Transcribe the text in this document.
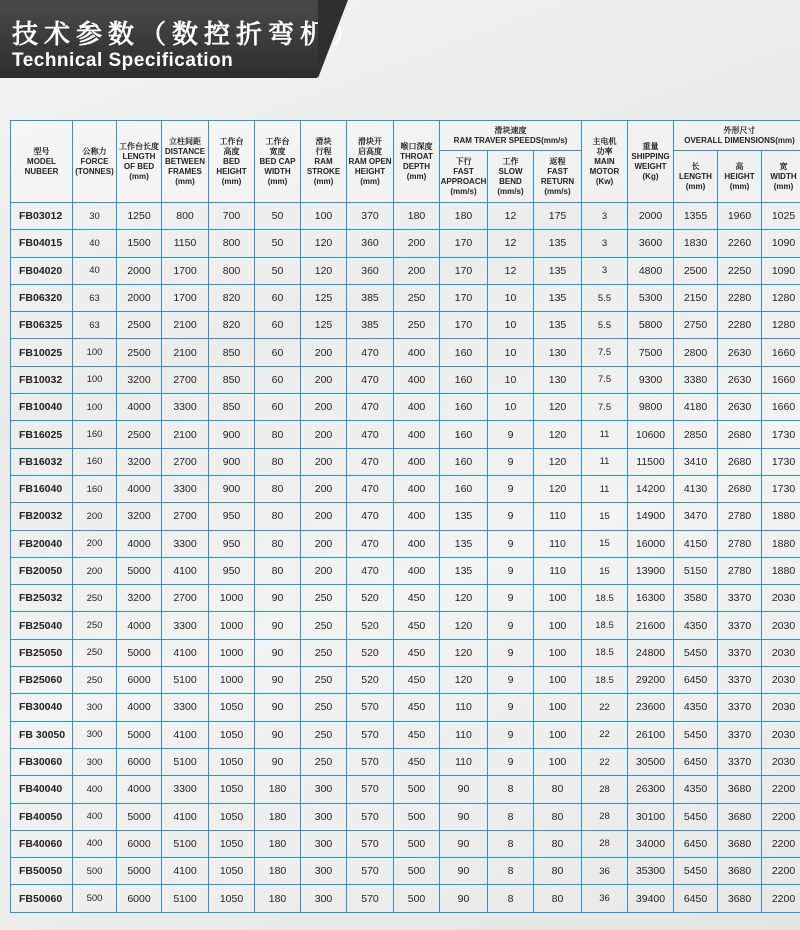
技术参数（数控折弯机）
Technical Specification
型号
MODEL
NUBEER	公称力
FORCE
(TONNES)	工作台长度
LENGTH
OF BED
(mm)	立柱间距
DISTANCE
BETWEEN
FRAMES
(mm)	工作台
高度
BED
HEIGHT
(mm)	工作台
宽度
BED CAP
WIDTH
(mm)	滑块
行程
RAM
STROKE
(mm)	滑块开
启高度
RAM OPEN
HEIGHT
(mm)	喉口深度
THROAT
DEPTH
(mm)	滑块速度
RAM TRAVER SPEEDS(mm/s)			主电机
功率
MAIN
MOTOR
(Kw)	重量
SHIPPING
WEIGHT
(Kg)	外形尺寸
OVERALL DIMENSIONS(mm)		
									下行
FAST
APPROACH
(mm/s)	工作
SLOW
BEND
(mm/s)	返程
FAST
RETURN
(mm/s)			长
LENGTH
(mm)	高
HEIGHT
(mm)	宽
WIDTH
(mm)
FB03012	30	1250	800	700	50	100	370	180	180	12	175	3	2000	1355	1960	1025
FB04015	40	1500	1150	800	50	120	360	200	170	12	135	3	3600	1830	2260	1090
FB04020	40	2000	1700	800	50	120	360	200	170	12	135	3	4800	2500	2250	1090
FB06320	63	2000	1700	820	60	125	385	250	170	10	135	5.5	5300	2150	2280	1280
FB06325	63	2500	2100	820	60	125	385	250	170	10	135	5.5	5800	2750	2280	1280
FB10025	100	2500	2100	850	60	200	470	400	160	10	130	7.5	7500	2800	2630	1660
FB10032	100	3200	2700	850	60	200	470	400	160	10	130	7.5	9300	3380	2630	1660
FB10040	100	4000	3300	850	60	200	470	400	160	10	120	7.5	9800	4180	2630	1660
FB16025	160	2500	2100	900	80	200	470	400	160	9	120	11	10600	2850	2680	1730
FB16032	160	3200	2700	900	80	200	470	400	160	9	120	11	11500	3410	2680	1730
FB16040	160	4000	3300	900	80	200	470	400	160	9	120	11	14200	4130	2680	1730
FB20032	200	3200	2700	950	80	200	470	400	135	9	110	15	14900	3470	2780	1880
FB20040	200	4000	3300	950	80	200	470	400	135	9	110	15	16000	4150	2780	1880
FB20050	200	5000	4100	950	80	200	470	400	135	9	110	15	13900	5150	2780	1880
FB25032	250	3200	2700	1000	90	250	520	450	120	9	100	18.5	16300	3580	3370	2030
FB25040	250	4000	3300	1000	90	250	520	450	120	9	100	18.5	21600	4350	3370	2030
FB25050	250	5000	4100	1000	90	250	520	450	120	9	100	18.5	24800	5450	3370	2030
FB25060	250	6000	5100	1000	90	250	520	450	120	9	100	18.5	29200	6450	3370	2030
FB30040	300	4000	3300	1050	90	250	570	450	110	9	100	22	23600	4350	3370	2030
FB 30050	300	5000	4100	1050	90	250	570	450	110	9	100	22	26100	5450	3370	2030
FB30060	300	6000	5100	1050	90	250	570	450	110	9	100	22	30500	6450	3370	2030
FB40040	400	4000	3300	1050	180	300	570	500	90	8	80	28	26300	4350	3680	2200
FB40050	400	5000	4100	1050	180	300	570	500	90	8	80	28	30100	5450	3680	2200
FB40060	400	6000	5100	1050	180	300	570	500	90	8	80	28	34000	6450	3680	2200
FB50050	500	5000	4100	1050	180	300	570	500	90	8	80	36	35300	5450	3680	2200
FB50060	500	6000	5100	1050	180	300	570	500	90	8	80	36	39400	6450	3680	2200
